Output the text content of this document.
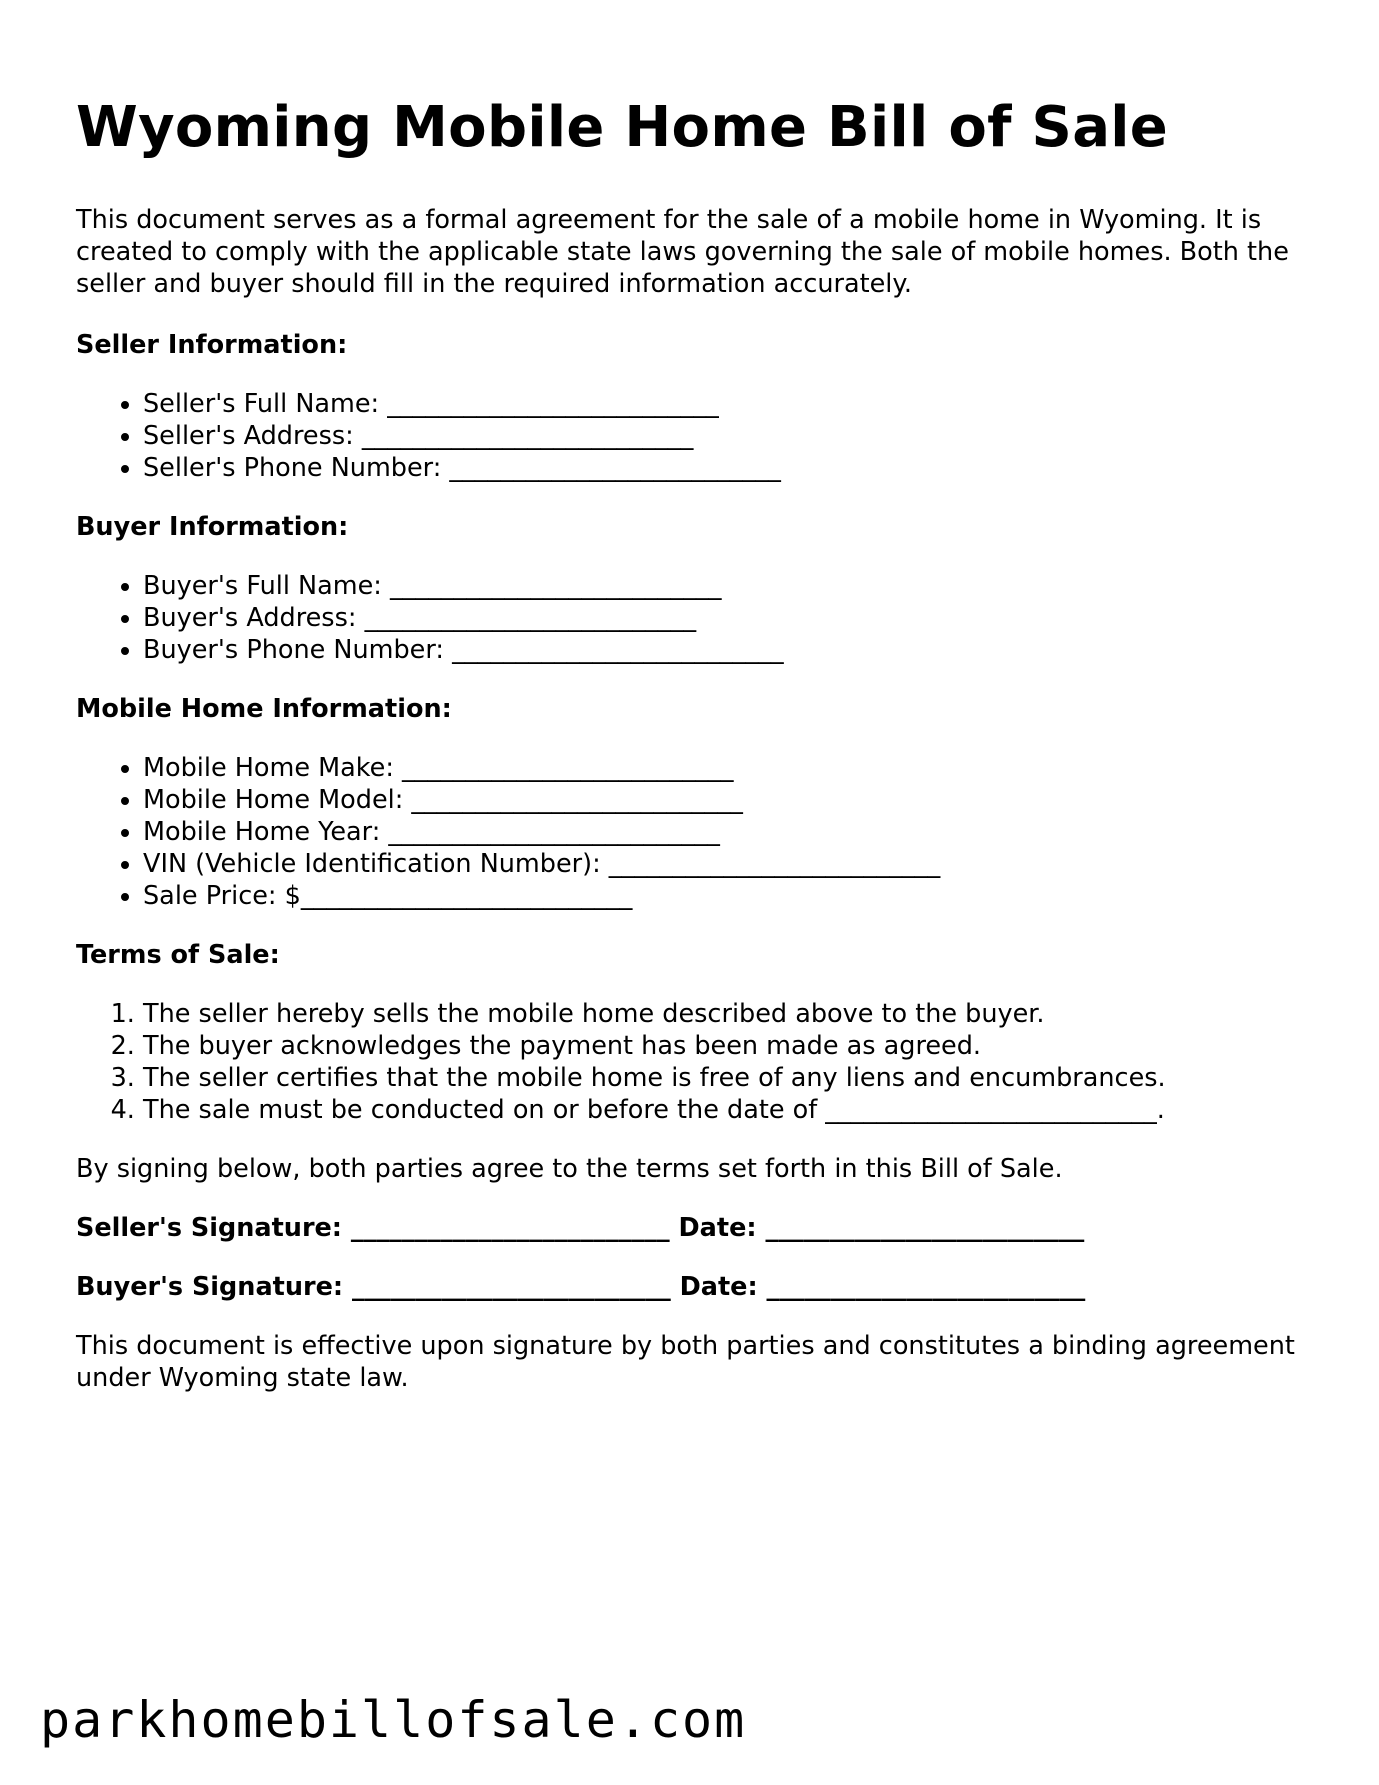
Wyoming Mobile Home Bill of Sale

This document serves as a formal agreement for the sale of a mobile home in Wyoming. It is created to comply with the applicable state laws governing the sale of mobile homes. Both the seller and buyer should fill in the required information accurately.

Seller Information:
• Seller's Full Name: __________________________
• Seller's Address: __________________________
• Seller's Phone Number: __________________________
Buyer Information:
• Buyer's Full Name: __________________________
• Buyer's Address: __________________________
• Buyer's Phone Number: __________________________
Mobile Home Information:
• Mobile Home Make: __________________________
• Mobile Home Model: __________________________
• Mobile Home Year: __________________________
• VIN (Vehicle Identification Number): __________________________
• Sale Price: $__________________________
Terms of Sale:
1. The seller hereby sells the mobile home described above to the buyer.
2. The buyer acknowledges the payment has been made as agreed.
3. The seller certifies that the mobile home is free of any liens and encumbrances.
4. The sale must be conducted on or before the date of __________________________.

By signing below, both parties agree to the terms set forth in this Bill of Sale.

Seller's Signature: _________________________ Date: _________________________
Buyer's Signature: _________________________ Date: _________________________

This document is effective upon signature by both parties and constitutes a binding agreement under Wyoming state law.

parkhomebillofsale.com
